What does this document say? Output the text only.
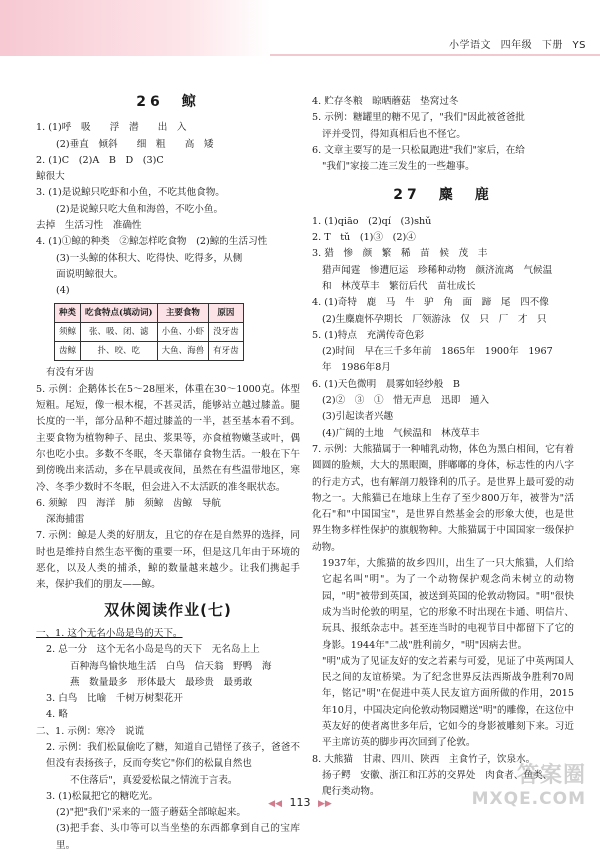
小学语文 四年级 下册 YS
26　鲸

1. (1)呼　吸　　浮　潜　　出　入

(2)垂直　倾斜　　细　粗　　高　矮

2. (1)C　(2)A　B　D　(3)C

鲸很大

3. (1)是说鲸只吃虾和小鱼，不吃其他食物。

(2)是说鲸只吃大鱼和海兽，不吃小鱼。

去掉　生活习性　准确性

4. (1)①鲸的种类　②鲸怎样吃食物　(2)鲸的生活习性

(3)一头鲸的体积大、吃得快、吃得多，从侧

面说明鲸很大。

(4)

种类	吃食特点(填动词)	主要食物	原因
须鲸	张、吸、闭、滤	小鱼、小虾	没牙齿
齿鲸	扑、咬、吃	大鱼、海兽	有牙齿

有没有牙齿

5. 示例：企鹅体长在5～28厘米，体重在30～1000克。体型短粗。尾短，像一根木棍，不甚灵活，能够站立越过膝盖。腿长度的一半，部分品种不超过膝盖的一半，甚至基本看不到。主要食物为植物种子、昆虫、浆果等，亦食植物嫩茎或叶，偶尔也吃小虫。多数不冬眠，冬天靠储存食物生活。一般在下午到傍晚出来活动，多在早晨或夜间，虽然在有些温带地区，寒冷、冬季少数时不冬眠，但会进入不太活跃的准冬眠状态。

6. 须鲸　四　海洋　肺　须鲸　齿鲸　导航

深海捕雷

7. 示例：鲸是人类的好朋友，且它的存在是自然界的选择，同时也是维持自然生态平衡的重要一环，但是这几年由于环境的恶化，以及人类的捕杀，鲸的数量越来越少。让我们携起手来，保护我们的朋友——鲸。

双休阅读作业(七)

一、1. 这个无名小岛是鸟的天下。

2. 总一分　这个无名小岛是鸟的天下　无名岛上上

百种海鸟愉快地生活　白鸟　信天翁　野鸭　海

燕　数量最多　形体最大　最珍贵　最勇敢

3. 白鸟　比喻　千树万树梨花开

4. 略

二、1. 示例：寒冷　说谎

2. 示例：我们松鼠偷吃了糖，知道自己错怪了孩子，爸爸不但没有表扬孩子，反而夸奖它"你们的松鼠自然也

不住落后"，真爱爱松鼠之情流于言表。

3. (1)松鼠把它的糖吃光。

(2)"把"我们"采来的一篮子蘑菇全部晾起来。

(3)把手套、头巾等可以当坐垫的东西都拿到自己的宝库里。

4. 贮存冬粮　晾晒蘑菇　垫窝过冬

5. 示例：糖罐里的糖不见了，"我们"因此被爸爸批

评并受罚，得知真相后也不怪它。

6. 文章主要写的是一只松鼠跑进"我们"家后，在给

"我们"家接二连三发生的一些趣事。

27　麋　鹿

1. (1)qiāo　(2)qí　(3)shǔ

2. T　tǔ　(1)③　(2)④

3. 猎　惨　颜　繁　稀　苗　候　茂　丰

猎声闻霆　惨遭厄运　珍稀种动物　颜济流离　气候温

和　林茂草丰　繁衍后代　苗壮成长

4. (1)奇特　鹿　马　牛　驴　角　面　蹄　尾　四不像

(2)生麋鹿怀孕期长　厂领游泳　仅　只　厂　才　只

5. (1)特点　充满传奇色彩

(2)时间　早在三千多年前　1865年　1900年　1967

年　1986年8月

6. (1)天色微明　晨雾如轻纱般　B

(2)②　③　①　惜无声息　迅即　遁入

(3)引起读者兴趣

(4)广阔的土地　气候温和　林茂草丰

7. 示例：大熊猫属于一种哺乳动物，体色为黑白相间，它有着圆圆的脸颊，大大的黑眼圈，胖嘟嘟的身体，标志性的内八字的行走方式，也有解剖刀般锋利的爪子。是世界上最可爱的动物之一。大熊猫已在地球上生存了至少800万年，被誉为"活化石"和"中国国宝"，是世界自然基金会的形象大使，也是世界生物多样性保护的旗舰物种。大熊猫属于中国国家一级保护动物。

1937年，大熊猫的故乡四川，出生了一只大熊猫，人们给它起名叫"明"。为了一个动物保护观念尚未树立的动物园，"明"被带到英国，被送到英国的伦敦动物园。"明"很快成为当时伦敦的明星，它的形象不时出现在卡通、明信片、玩具、报纸杂志中。甚至连当时的电视节目中都留下了它的身影。1944年"二战"胜利前夕，"明"因病去世。

"明"成为了见证友好的安之若素与可爱，见证了中英两国人民之间的友谊桥梁。为了纪念世界反法西斯战争胜利70周年，铭记"明"在促进中英人民友谊方面所做的作用，2015年10月，中国决定向伦敦动物园赠送"明"的雕像，在这位中英友好的使者离世多年后，它如今的身影被雕刻下来。习近平主席访英的脚步再次回到了伦敦。

8. 大熊猫　甘肃、四川、陕西　主食竹子，饮泉水。

扬子鳄　安徽、浙江和江苏的交界处　肉食者、鱼类、

爬行类动物。

◀◀ 113 ▶▶
答案圈
MXQE.COM
